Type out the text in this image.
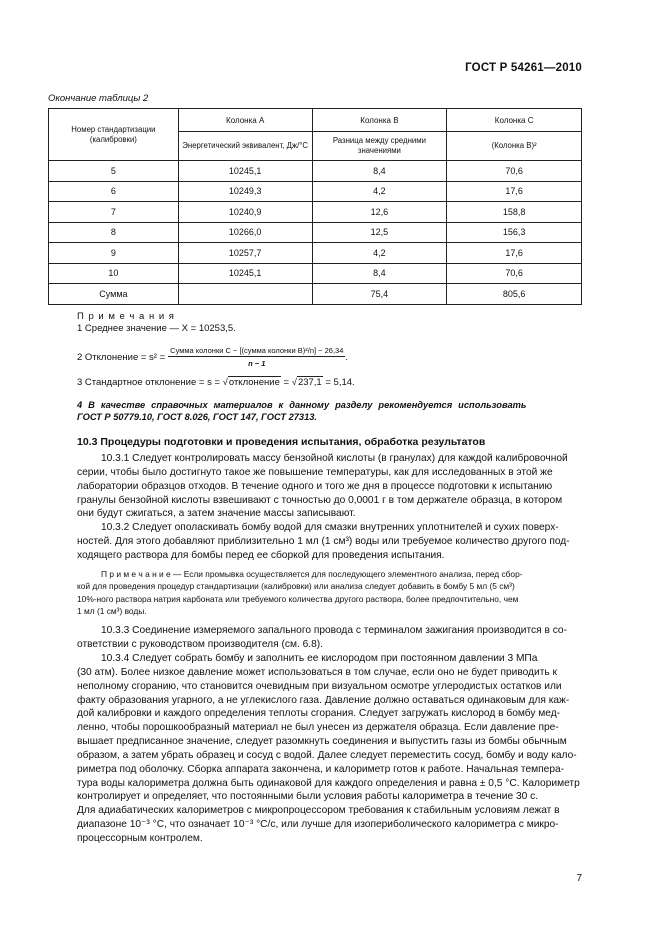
ГОСТ Р 54261—2010
Окончание таблицы 2
Номер стандартизации (калибровки)	Колонка А	Колонка В	Колонка С
	Энергетический эквивалент, Дж/°С	Разница между средними значениями	(Колонка В)²
5	10245,1	8,4	70,6
6	10249,3	4,2	17,6
7	10240,9	12,6	158,8
8	10266,0	12,5	156,3
9	10257,7	4,2	17,6
10	10245,1	8,4	70,6
Сумма		75,4	805,6
П р и м е ч а н и я
1 Среднее значение — X = 10253,5.
2 Отклонение = $s^2 = \frac{\text{Сумма колонки С − [(сумма колонки В)²/n] − 26,34}}{n - 1}$ .
3 Стандартное отклонение = s = √отклонение = √237,1 = 5,14.
4 В качестве справочных материалов к данному разделу рекомендуется использовать
ГОСТ Р 50779.10, ГОСТ 8.026, ГОСТ 147, ГОСТ 27313.
10.3 Процедуры подготовки и проведения испытания, обработка результатов
10.3.1 Следует контролировать массу бензойной кислоты (в гранулах) для каждой калибровочной
серии, чтобы было достигнуто такое же повышение температуры, как для исследованных в этой же
лаборатории образцов отходов. В течение одного и того же дня в процессе подготовки к испытанию
гранулы бензойной кислоты взвешивают с точностью до 0,0001 г в том держателе образца, в котором
они будут сжигаться, а затем значение массы записывают.
10.3.2 Следует ополаскивать бомбу водой для смазки внутренних уплотнителей и сухих поверх-
ностей. Для этого добавляют приблизительно 1 мл (1 см³) воды или требуемое количество другого под-
ходящего раствора для бомбы перед ее сборкой для проведения испытания.
П р и м е ч а н и е — Если промывка осуществляется для последующего элементного анализа, перед сбор-
кой для проведения процедур стандартизации (калибровки) или анализа следует добавить в бомбу 5 мл (5 см³)
10%-ного раствора натрия карбоната или требуемого количества другого раствора, более предпочтительно, чем
1 мл (1 см³) воды.
10.3.3 Соединение измеряемого запального провода с терминалом зажигания производится в со-
ответствии с руководством производителя (см. 6.8).
10.3.4 Следует собрать бомбу и заполнить ее кислородом при постоянном давлении 3 МПа
(30 атм). Более низкое давление может использоваться в том случае, если оно не будет приводить к
неполному сгоранию, что становится очевидным при визуальном осмотре углеродистых остатков или
факту образования угарного, а не углекислого газа. Давление должно оставаться одинаковым для каж-
дой калибровки и каждого определения теплоты сгорания. Следует загружать кислород в бомбу мед-
ленно, чтобы порошкообразный материал не был унесен из держателя образца. Если давление пре-
вышает предписанное значение, следует разомкнуть соединения и выпустить газы из бомбы обычным
образом, а затем убрать образец и сосуд с водой. Далее следует переместить сосуд, бомбу и воду кало-
риметра под оболочку. Сборка аппарата закончена, и калориметр готов к работе. Начальная темпера-
тура воды калориметра должна быть одинаковой для каждого определения и равна ± 0,5 °С. Калориметр
контролирует и определяет, что постоянными были условия работы калориметра в течение 30 с.
Для адиабатических калориметров с микропроцессором требования к стабильным условиям лежат в
диапазоне 10⁻³ °С, что означает 10⁻³ °С/с, или лучше для изопериболического калориметра с микро-
процессорным контролем.
7
